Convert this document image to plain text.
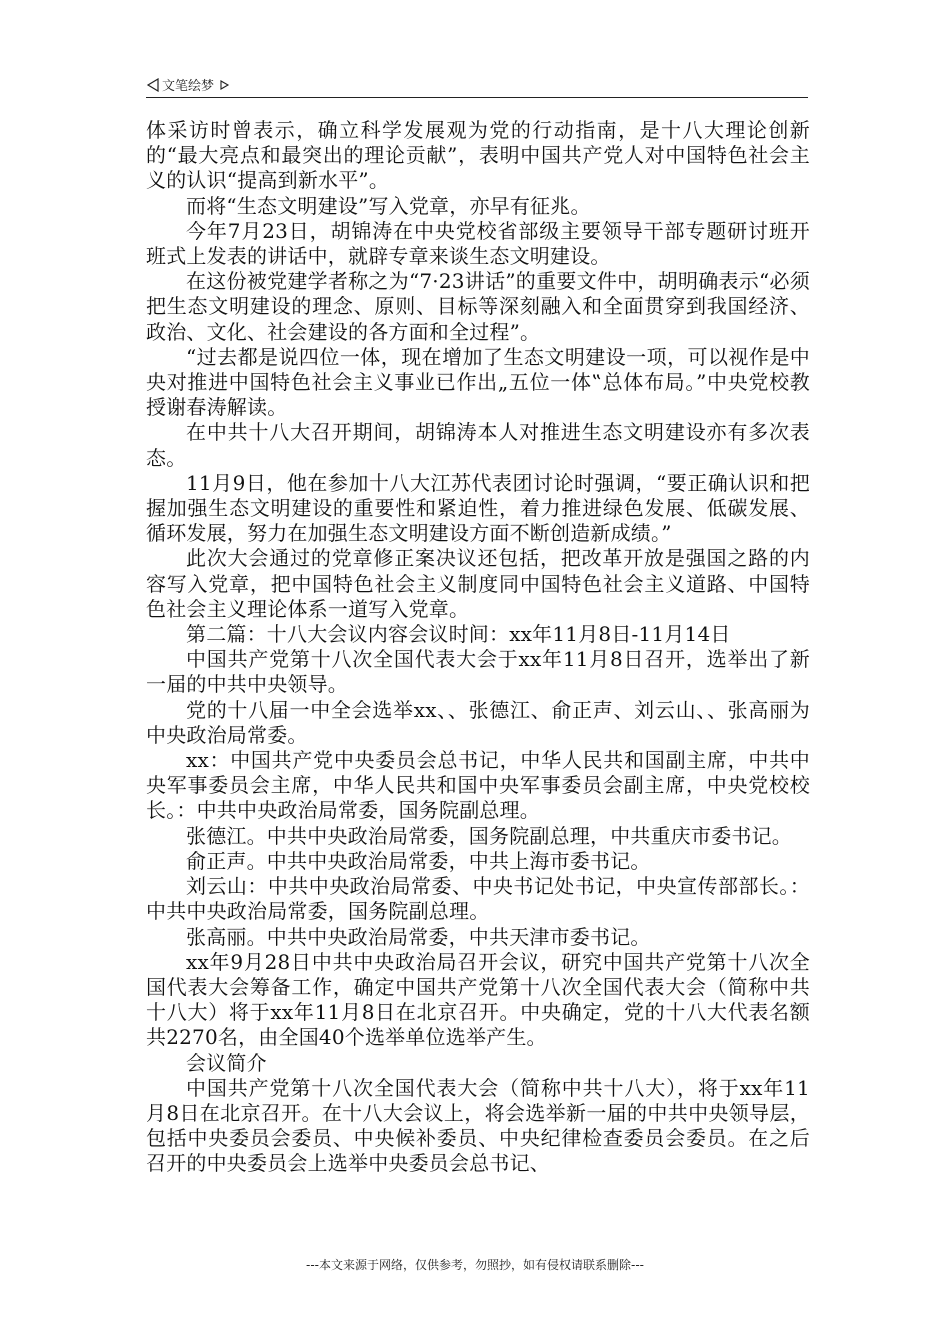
文笔绘梦

体采访时曾表示，确立科学发展观为党的行动指南，是十八大理论创新的“最大亮点和最突出的理论贡献”，表明中国共产党人对中国特色社会主义的认识“提高到新水平”。

而将“生态文明建设”写入党章，亦早有征兆。

今年7月23日，胡锦涛在中央党校省部级主要领导干部专题研讨班开班式上发表的讲话中，就辟专章来谈生态文明建设。

在这份被党建学者称之为“7·23讲话”的重要文件中，胡明确表示“必须把生态文明建设的理念、原则、目标等深刻融入和全面贯穿到我国经济、政治、文化、社会建设的各方面和全过程”。

“过去都是说四位一体，现在增加了生态文明建设一项，可以视作是中央对推进中国特色社会主义事业已作出„五位一体‟总体布局。”中央党校教授谢春涛解读。

在中共十八大召开期间，胡锦涛本人对推进生态文明建设亦有多次表态。

11月9日，他在参加十八大江苏代表团讨论时强调，“要正确认识和把握加强生态文明建设的重要性和紧迫性，着力推进绿色发展、低碳发展、循环发展，努力在加强生态文明建设方面不断创造新成绩。”

此次大会通过的党章修正案决议还包括，把改革开放是强国之路的内容写入党章，把中国特色社会主义制度同中国特色社会主义道路、中国特色社会主义理论体系一道写入党章。

第二篇：十八大会议内容会议时间：xx年11月8日-11月14日

中国共产党第十八次全国代表大会于xx年11月8日召开，选举出了新一届的中共中央领导。

党的十八届一中全会选举xx、、张德江、俞正声、刘云山、、张高丽为中央政治局常委。

xx：中国共产党中央委员会总书记，中华人民共和国副主席，中共中央军事委员会主席，中华人民共和国中央军事委员会副主席，中央党校校长。：中共中央政治局常委，国务院副总理。

张德江。中共中央政治局常委，国务院副总理，中共重庆市委书记。

俞正声。中共中央政治局常委，中共上海市委书记。

刘云山：中共中央政治局常委、中央书记处书记，中央宣传部部长。：中共中央政治局常委，国务院副总理。

张高丽。中共中央政治局常委，中共天津市委书记。

xx年9月28日中共中央政治局召开会议，研究中国共产党第十八次全国代表大会筹备工作，确定中国共产党第十八次全国代表大会（简称中共十八大）将于xx年11月8日在北京召开。中央确定，党的十八大代表名额共2270名，由全国40个选举单位选举产生。

会议简介

中国共产党第十八次全国代表大会（简称中共十八大），将于xx年11月8日在北京召开。在十八大会议上，将会选举新一届的中共中央领导层，包括中央委员会委员、中央候补委员、中央纪律检查委员会委员。在之后召开的中央委员会上选举中央委员会总书记、

---本文来源于网络，仅供参考，勿照抄，如有侵权请联系删除---
